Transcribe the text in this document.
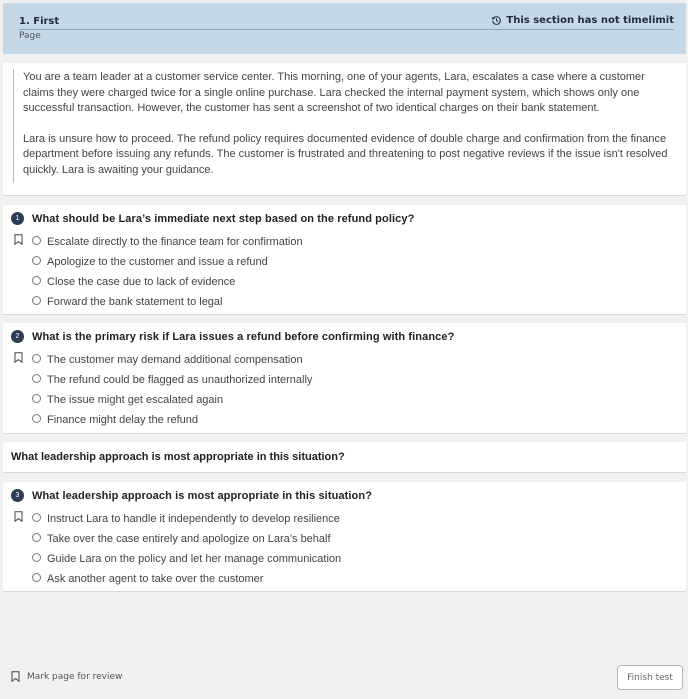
1. First
Page
This section has not timelimit

You are a team leader at a customer service center. This morning, one of your agents, Lara, escalates a case where a customer claims they were charged twice for a single online purchase. Lara checked the internal payment system, which shows only one successful transaction. However, the customer has sent a screenshot of two identical charges on their bank statement.

Lara is unsure how to proceed. The refund policy requires documented evidence of double charge and confirmation from the finance department before issuing any refunds. The customer is frustrated and threatening to post negative reviews if the issue isn't resolved quickly. Lara is awaiting your guidance.

1	What should be Lara’s immediate next step based on the refund policy?
Escalate directly to the finance team for confirmation
Apologize to the customer and issue a refund
Close the case due to lack of evidence
Forward the bank statement to legal
2	What is the primary risk if Lara issues a refund before confirming with finance?
The customer may demand additional compensation
The refund could be flagged as unauthorized internally
The issue might get escalated again
Finance might delay the refund
What leadership approach is most appropriate in this situation?
3	What leadership approach is most appropriate in this situation?
Instruct Lara to handle it independently to develop resilience
Take over the case entirely and apologize on Lara’s behalf
Guide Lara on the policy and let her manage communication
Ask another agent to take over the customer
Mark page for review	Finish test
